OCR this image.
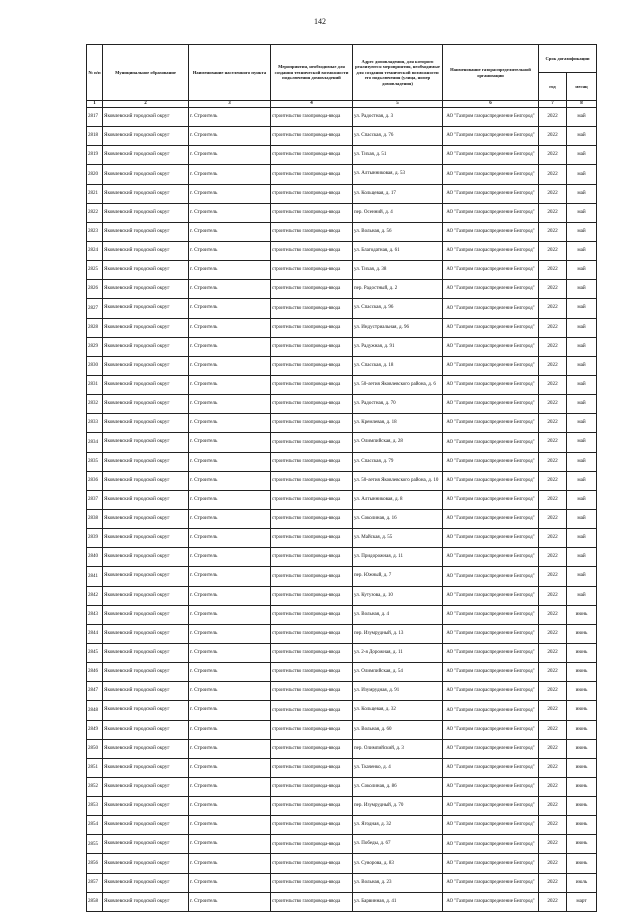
142
№ п/п	Муниципальное образование	Наименование населенного пункта	Мероприятия, необходимые для создания технической возможности подключения домовладений	Адрес домовладения, для которого реализуются мероприятия, необходимые для создания технической возможности его подключения (улица, номер домовладения)	Наименование газораспределительной организации	Срок догазификации	
						год	месяц
1	2	3	4	5	6	7	8
2817	Яковлевский городской округ	г. Строитель	строительство газопровода-ввода	ул. Радостная, д. 3	АО "Газпром газораспределение Белгород"	2022	май
2818	Яковлевский городской округ	г. Строитель	строительство газопровода-ввода	ул. Спасская, д. 76	АО "Газпром газораспределение Белгород"	2022	май
2819	Яковлевский городской округ	г. Строитель	строительство газопровода-ввода	ул. Тихая, д. 51	АО "Газпром газораспределение Белгород"	2022	май
2820	Яковлевский городской округ	г. Строитель	строительство газопровода-ввода	ул. Алтынниковая, д. 53	АО "Газпром газораспределение Белгород"	2022	май
2821	Яковлевский городской округ	г. Строитель	строительство газопровода-ввода	ул. Кольцевая, д. 17	АО "Газпром газораспределение Белгород"	2022	май
2822	Яковлевский городской округ	г. Строитель	строительство газопровода-ввода	пер. Осенний, д. 4	АО "Газпром газораспределение Белгород"	2022	май
2823	Яковлевский городской округ	г. Строитель	строительство газопровода-ввода	ул. Вольная, д. 56	АО "Газпром газораспределение Белгород"	2022	май
2824	Яковлевский городской округ	г. Строитель	строительство газопровода-ввода	ул. Благодатная, д. 61	АО "Газпром газораспределение Белгород"	2022	май
2825	Яковлевский городской округ	г. Строитель	строительство газопровода-ввода	ул. Тихая, д. 38	АО "Газпром газораспределение Белгород"	2022	май
2826	Яковлевский городской округ	г. Строитель	строительство газопровода-ввода	пер. Радостный, д. 2	АО "Газпром газораспределение Белгород"	2022	май
2827	Яковлевский городской округ	г. Строитель	строительство газопровода-ввода	ул. Спасская, д. 96	АО "Газпром газораспределение Белгород"	2022	май
2828	Яковлевский городской округ	г. Строитель	строительство газопровода-ввода	ул. Индустриальная, д. 96	АО "Газпром газораспределение Белгород"	2022	май
2829	Яковлевский городской округ	г. Строитель	строительство газопровода-ввода	ул. Радужная, д. 91	АО "Газпром газораспределение Белгород"	2022	май
2830	Яковлевский городской округ	г. Строитель	строительство газопровода-ввода	ул. Спасская, д. 18	АО "Газпром газораспределение Белгород"	2022	май
2831	Яковлевский городской округ	г. Строитель	строительство газопровода-ввода	ул. 50-летия Яковлевского района, д. 6	АО "Газпром газораспределение Белгород"	2022	май
2832	Яковлевский городской округ	г. Строитель	строительство газопровода-ввода	ул. Радостная, д. 70	АО "Газпром газораспределение Белгород"	2022	май
2833	Яковлевский городской округ	г. Строитель	строительство газопровода-ввода	ул. Кремлевая, д. 18	АО "Газпром газораспределение Белгород"	2022	май
2834	Яковлевский городской округ	г. Строитель	строительство газопровода-ввода	ул. Олимпийская, д. 28	АО "Газпром газораспределение Белгород"	2022	май
2835	Яковлевский городской округ	г. Строитель	строительство газопровода-ввода	ул. Спасская, д. 79	АО "Газпром газораспределение Белгород"	2022	май
2836	Яковлевский городской округ	г. Строитель	строительство газопровода-ввода	ул. 50-летия Яковлевского района, д. 10	АО "Газпром газораспределение Белгород"	2022	май
2837	Яковлевский городской округ	г. Строитель	строительство газопровода-ввода	ул. Алтынниковая, д. 8	АО "Газпром газораспределение Белгород"	2022	май
2838	Яковлевский городской округ	г. Строитель	строительство газопровода-ввода	ул. Соколиная, д. 16	АО "Газпром газораспределение Белгород"	2022	май
2839	Яковлевский городской округ	г. Строитель	строительство газопровода-ввода	ул. Майская, д. 55	АО "Газпром газораспределение Белгород"	2022	май
2840	Яковлевский городской округ	г. Строитель	строительство газопровода-ввода	ул. Придорожная, д. 11	АО "Газпром газораспределение Белгород"	2022	май
2841	Яковлевский городской округ	г. Строитель	строительство газопровода-ввода	пер. Южный, д. 7	АО "Газпром газораспределение Белгород"	2022	май
2842	Яковлевский городской округ	г. Строитель	строительство газопровода-ввода	ул. Кутузова, д. 10	АО "Газпром газораспределение Белгород"	2022	май
2843	Яковлевский городской округ	г. Строитель	строительство газопровода-ввода	ул. Вольная, д. 4	АО "Газпром газораспределение Белгород"	2022	июнь
2844	Яковлевский городской округ	г. Строитель	строительство газопровода-ввода	пер. Изумрудный, д. 13	АО "Газпром газораспределение Белгород"	2022	июнь
2845	Яковлевский городской округ	г. Строитель	строительство газопровода-ввода	ул. 2-я Дорожная, д. 11	АО "Газпром газораспределение Белгород"	2022	июнь
2846	Яковлевский городской округ	г. Строитель	строительство газопровода-ввода	ул. Олимпийская, д. 54	АО "Газпром газораспределение Белгород"	2022	июнь
2847	Яковлевский городской округ	г. Строитель	строительство газопровода-ввода	ул. Изумрудная, д. 91	АО "Газпром газораспределение Белгород"	2022	июнь
2848	Яковлевский городской округ	г. Строитель	строительство газопровода-ввода	ул. Кольцевая, д. 32	АО "Газпром газораспределение Белгород"	2022	июнь
2849	Яковлевский городской округ	г. Строитель	строительство газопровода-ввода	ул. Вольная, д. 60	АО "Газпром газораспределение Белгород"	2022	июнь
2850	Яковлевский городской округ	г. Строитель	строительство газопровода-ввода	пер. Олимпийский, д. 3	АО "Газпром газораспределение Белгород"	2022	июнь
2851	Яковлевский городской округ	г. Строитель	строительство газопровода-ввода	ул. Ткаченко, д. 4	АО "Газпром газораспределение Белгород"	2022	июнь
2852	Яковлевский городской округ	г. Строитель	строительство газопровода-ввода	ул. Соколиная, д. 86	АО "Газпром газораспределение Белгород"	2022	июнь
2853	Яковлевский городской округ	г. Строитель	строительство газопровода-ввода	пер. Изумрудный, д. 70	АО "Газпром газораспределение Белгород"	2022	июнь
2854	Яковлевский городской округ	г. Строитель	строительство газопровода-ввода	ул. Ягодная, д. 32	АО "Газпром газораспределение Белгород"	2022	июнь
2855	Яковлевский городской округ	г. Строитель	строительство газопровода-ввода	ул. Победы, д. 67	АО "Газпром газораспределение Белгород"	2022	июнь
2856	Яковлевский городской округ	г. Строитель	строительство газопровода-ввода	ул. Суворова, д. 83	АО "Газпром газораспределение Белгород"	2022	июнь
2857	Яковлевский городской округ	г. Строитель	строительство газопровода-ввода	ул. Вольная, д. 23	АО "Газпром газораспределение Белгород"	2022	июль
2858	Яковлевский городской округ	г. Строитель	строительство газопровода-ввода	ул. Барвинная, д. 41	АО "Газпром газораспределение Белгород"	2022	март
